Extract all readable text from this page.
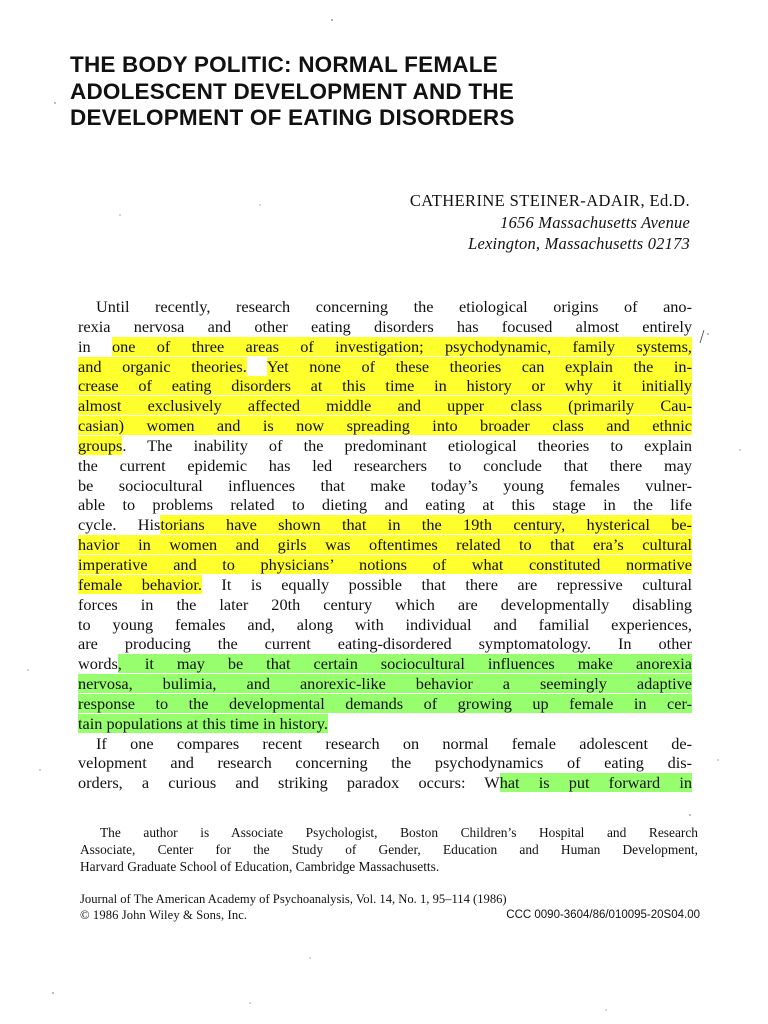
THE BODY POLITIC: NORMAL FEMALE
ADOLESCENT DEVELOPMENT AND THE
DEVELOPMENT OF EATING DISORDERS
CATHERINE STEINER-ADAIR, Ed.D.
1656 Massachusetts Avenue
Lexington, Massachusetts 02173
Until recently, research concerning the etiological origins of ano-
rexia nervosa and other eating disorders has focused almost entirely
in one of three areas of investigation; psychodynamic, family systems,
and organic theories. Yet none of these theories can explain the in-
crease of eating disorders at this time in history or why it initially
almost exclusively affected middle and upper class (primarily Cau-
casian) women and is now spreading into broader class and ethnic
groups. The inability of the predominant etiological theories to explain
the current epidemic has led researchers to conclude that there may
be sociocultural influences that make today’s young females vulner-
able to problems related to dieting and eating at this stage in the life
cycle. Historians have shown that in the 19th century, hysterical be-
havior in women and girls was oftentimes related to that era’s cultural
imperative and to physicians’ notions of what constituted normative
female behavior. It is equally possible that there are repressive cultural
forces in the later 20th century which are developmentally disabling
to young females and, along with individual and familial experiences,
are producing the current eating-disordered symptomatology. In other
words, it may be that certain sociocultural influences make anorexia
nervosa, bulimia, and anorexic-like behavior a seemingly adaptive
response to the developmental demands of growing up female in cer-
tain populations at this time in history.
If one compares recent research on normal female adolescent de-
velopment and research concerning the psychodynamics of eating dis-
orders, a curious and striking paradox occurs: What is put forward in
The author is Associate Psychologist, Boston Children’s Hospital and Research
Associate, Center for the Study of Gender, Education and Human Development,
Harvard Graduate School of Education, Cambridge Massachusetts.
Journal of The American Academy of Psychoanalysis, Vol. 14, No. 1, 95–114 (1986)
© 1986 John Wiley & Sons, Inc.	CCC 0090-3604/86/010095-20S04.00
